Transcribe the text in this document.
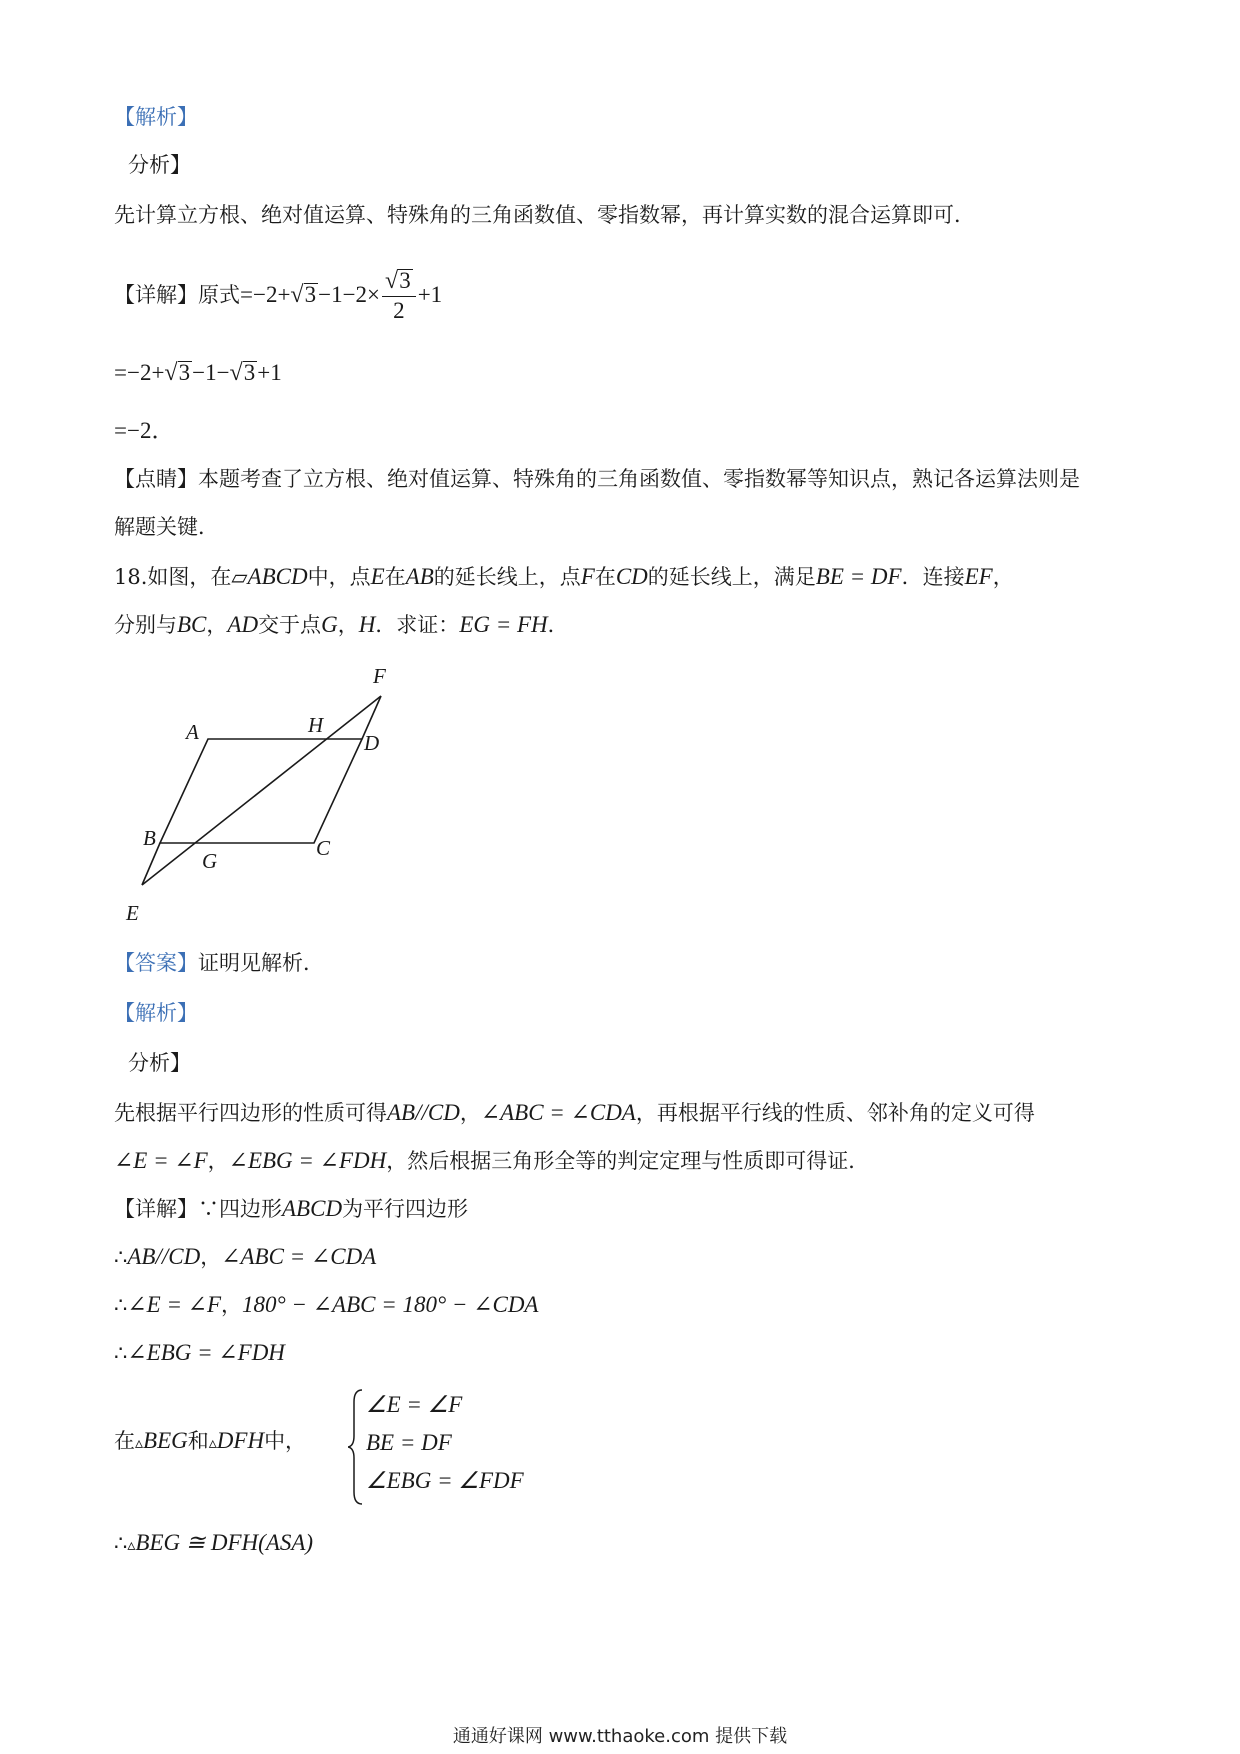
【解析】
分析】
先计算立方根、绝对值运算、特殊角的三角函数值、零指数幂，再计算实数的混合运算即可．
【详解】原式$=-2+√3-1-2\times \frac{√3}{2} +1$
=−2+√3−1−√3+1
=−2．
【点睛】本题考查了立方根、绝对值运算、特殊角的三角函数值、零指数幂等知识点，熟记各运算法则是
解题关键．
18.如图，在▱ABCD中，点E在AB的延长线上，点F在CD的延长线上，满足BE = DF．连接EF，
分别与BC，AD交于点G，H．求证：EG = FH．
F
A	H
D
B	C
G
E
【答案】证明见解析．
【解析】
分析】
先根据平行四边形的性质可得AB//CD，∠ABC = ∠CDA，再根据平行线的性质、邻补角的定义可得
∠E = ∠F，∠EBG = ∠FDH，然后根据三角形全等的判定定理与性质即可得证．
【详解】∵四边形ABCD为平行四边形
∴AB//CD，∠ABC = ∠CDA
∴∠E = ∠F，180° − ∠ABC = 180° − ∠CDA
∴∠EBG = ∠FDH
在▵BEG和▵DFH中，
∠E = ∠F
BE = DF
∠EBG = ∠FDF
∴▵BEG ≅ DFH(ASA)
通通好课网 www.tthaoke.com 提供下载
